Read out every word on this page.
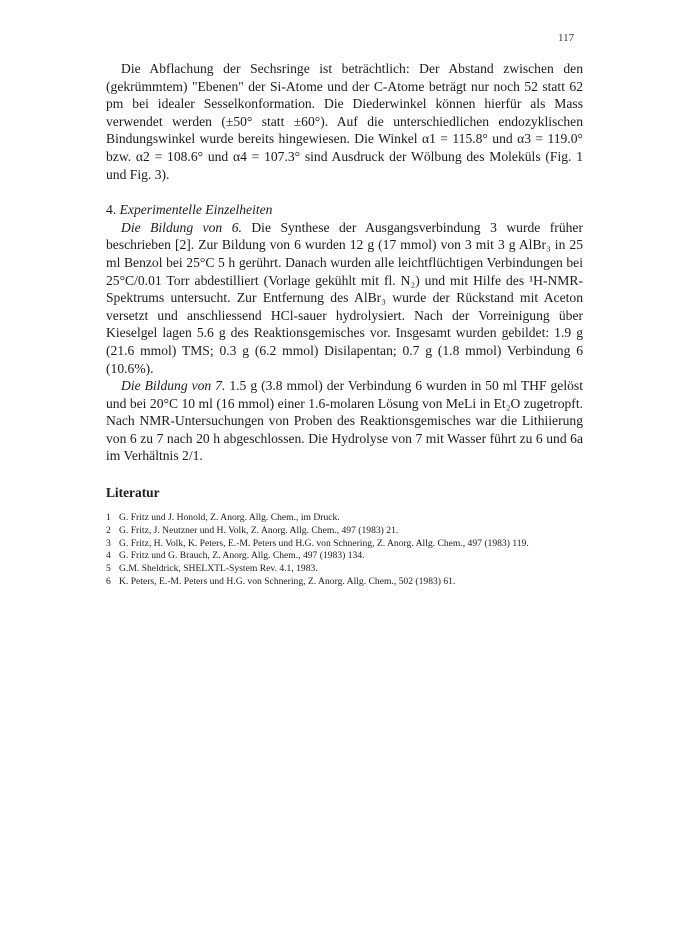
117

Die Abflachung der Sechsringe ist beträchtlich: Der Abstand zwischen den (gekrümmtem) "Ebenen" der Si-Atome und der C-Atome beträgt nur noch 52 statt 62 pm bei idealer Sesselkonformation. Die Diederwinkel können hierfür als Mass verwendet werden (±50° statt ±60°). Auf die unterschiedlichen endozyklischen Bindungswinkel wurde bereits hingewiesen. Die Winkel α1 = 115.8° und α3 = 119.0° bzw. α2 = 108.6° und α4 = 107.3° sind Ausdruck der Wölbung des Moleküls (Fig. 1 und Fig. 3).

4. Experimentelle Einzelheiten

Die Bildung von 6. Die Synthese der Ausgangsverbindung 3 wurde früher beschrieben [2]. Zur Bildung von 6 wurden 12 g (17 mmol) von 3 mit 3 g AlBr₃ in 25 ml Benzol bei 25°C 5 h gerührt. Danach wurden alle leichtflüchtigen Verbindungen bei 25°C/0.01 Torr abdestilliert (Vorlage gekühlt mit fl. N₂) und mit Hilfe des ¹H-NMR-Spektrums untersucht. Zur Entfernung des AlBr₃ wurde der Rückstand mit Aceton versetzt und anschliessend HCl-sauer hydrolysiert. Nach der Vorreinigung über Kieselgel lagen 5.6 g des Reaktionsgemisches vor. Insgesamt wurden gebildet: 1.9 g (21.6 mmol) TMS; 0.3 g (6.2 mmol) Disilapentan; 0.7 g (1.8 mmol) Verbindung 6 (10.6%).

Die Bildung von 7. 1.5 g (3.8 mmol) der Verbindung 6 wurden in 50 ml THF gelöst und bei 20°C 10 ml (16 mmol) einer 1.6-molaren Lösung von MeLi in Et₂O zugetropft. Nach NMR-Untersuchungen von Proben des Reaktionsgemisches war die Lithiierung von 6 zu 7 nach 20 h abgeschlossen. Die Hydrolyse von 7 mit Wasser führt zu 6 und 6a im Verhältnis 2/1.

Literatur

1 G. Fritz und J. Honold, Z. Anorg. Allg. Chem., im Druck.
2 G. Fritz, J. Neutzner und H. Volk, Z. Anorg. Allg. Chem., 497 (1983) 21.
3 G. Fritz, H. Volk, K. Peters, E.-M. Peters und H.G. von Schnering, Z. Anorg. Allg. Chem., 497 (1983) 119.
4 G. Fritz und G. Brauch, Z. Anorg. Allg. Chem., 497 (1983) 134.
5 G.M. Sheldrick, SHELXTL-System Rev. 4.1, 1983.
6 K. Peters, E.-M. Peters und H.G. von Schnering, Z. Anorg. Allg. Chem., 502 (1983) 61.
